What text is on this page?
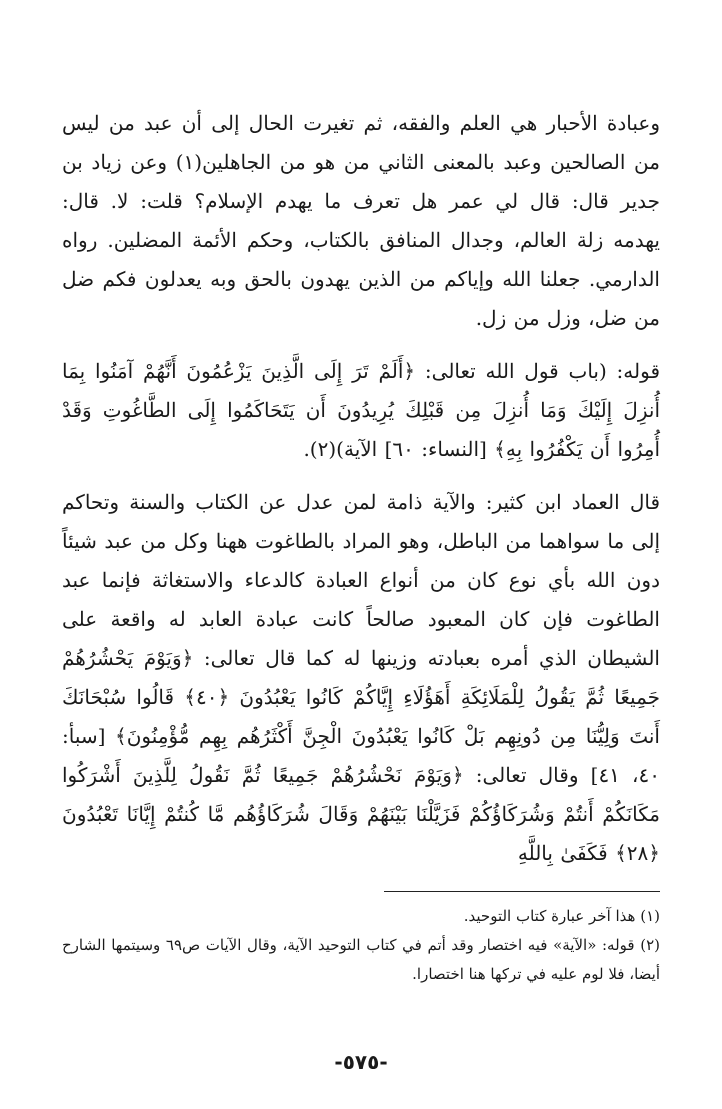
وعبادة الأحبار هي العلم والفقه، ثم تغيرت الحال إلى أن عبد من ليس من الصالحين وعبد بالمعنى الثاني من هو من الجاهلين(١) وعن زياد بن جدير قال: قال لي عمر هل تعرف ما يهدم الإسلام؟ قلت: لا. قال: يهدمه زلة العالم، وجدال المنافق بالكتاب، وحكم الأئمة المضلين. رواه الدارمي. جعلنا الله وإياكم من الذين يهدون بالحق وبه يعدلون فكم ضل من ضل، وزل من زل.

قوله: (باب قول الله تعالى: ﴿أَلَمْ تَرَ إِلَى الَّذِينَ يَزْعُمُونَ أَنَّهُمْ آمَنُوا بِمَا أُنزِلَ إِلَيْكَ وَمَا أُنزِلَ مِن قَبْلِكَ يُرِيدُونَ أَن يَتَحَاكَمُوا إِلَى الطَّاغُوتِ وَقَدْ أُمِرُوا أَن يَكْفُرُوا بِهِ﴾ [النساء: ٦٠] الآية)(٢).

قال العماد ابن كثير: والآية ذامة لمن عدل عن الكتاب والسنة وتحاكم إلى ما سواهما من الباطل، وهو المراد بالطاغوت ههنا وكل من عبد شيئاً دون الله بأي نوع كان من أنواع العبادة كالدعاء والاستغاثة فإنما عبد الطاغوت فإن كان المعبود صالحاً كانت عبادة العابد له واقعة على الشيطان الذي أمره بعبادته وزينها له كما قال تعالى: ﴿وَيَوْمَ يَحْشُرُهُمْ جَمِيعًا ثُمَّ يَقُولُ لِلْمَلَائِكَةِ أَهَؤُلَاءِ إِيَّاكُمْ كَانُوا يَعْبُدُونَ ﴿٤٠﴾ قَالُوا سُبْحَانَكَ أَنتَ وَلِيُّنَا مِن دُونِهِم بَلْ كَانُوا يَعْبُدُونَ الْجِنَّ أَكْثَرُهُم بِهِم مُّؤْمِنُونَ﴾ [سبأ: ٤٠، ٤١] وقال تعالى: ﴿وَيَوْمَ نَحْشُرُهُمْ جَمِيعًا ثُمَّ نَقُولُ لِلَّذِينَ أَشْرَكُوا مَكَانَكُمْ أَنتُمْ وَشُرَكَاؤُكُمْ فَزَيَّلْنَا بَيْنَهُمْ وَقَالَ شُرَكَاؤُهُم مَّا كُنتُمْ إِيَّانَا تَعْبُدُونَ ﴿٢٨﴾ فَكَفَىٰ بِاللَّهِ

(١) هذا آخر عبارة كتاب التوحيد.

(٢) قوله: «الآية» فيه اختصار وقد أتم في كتاب التوحيد الآية، وقال الآيات ص٦٩ وسيتمها الشارح أيضا، فلا لوم عليه في تركها هنا اختصارا.

-٥٧٥-
